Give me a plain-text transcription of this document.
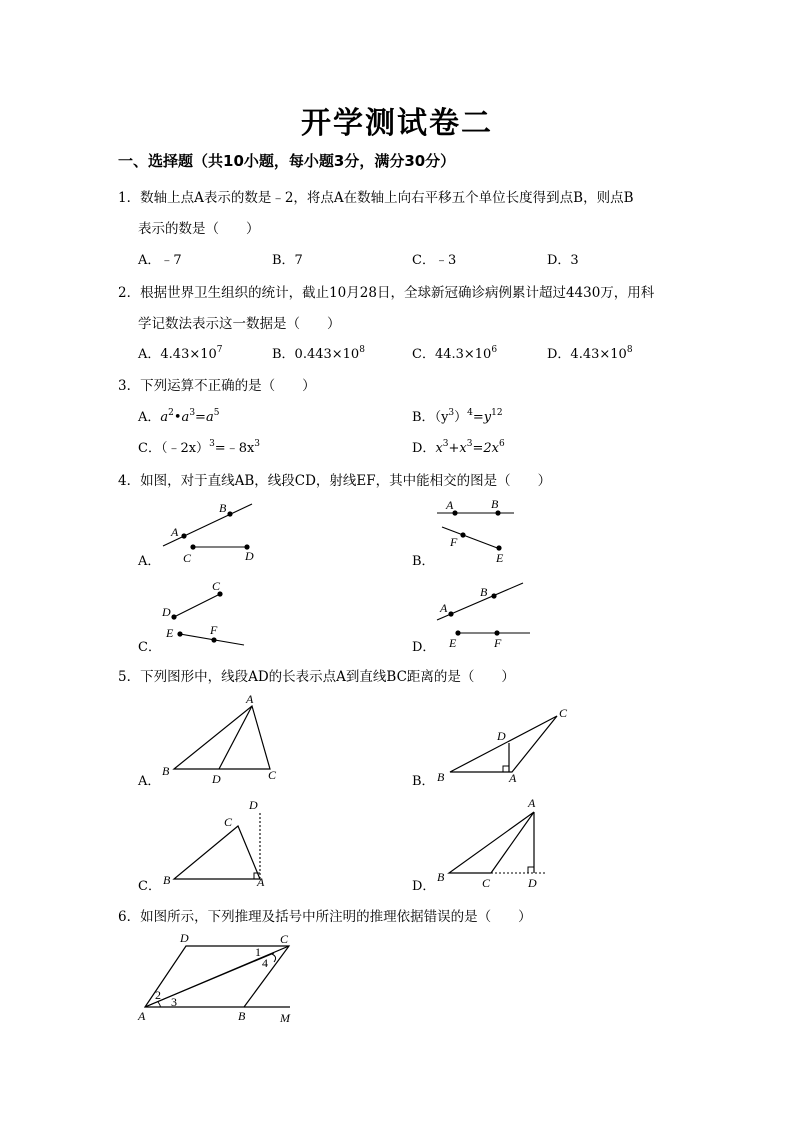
开学测试卷二
一、选择题（共10小题，每小题3分，满分30分）
1．数轴上点A表示的数是﹣2，将点A在数轴上向右平移五个单位长度得到点B，则点B
表示的数是（　　）
A．﹣7	B．7	C．﹣3	D．3
2．根据世界卫生组织的统计，截止10月28日，全球新冠确诊病例累计超过4430万，用科
学记数法表示这一数据是（　　）
A．$4.43\times 10^7$	B．$0.443\times 10^8$	C．$44.3\times 10^6$	D．$4.43\times 10^8$
3．下列运算不正确的是（　　）
A．$a^2•a^3=a^5$	B．$(y^3)^4=y^{12}$
C．$(﹣2x)^3=﹣8x^3$	D．$x^3+x^3=2x^6$
4．如图，对于直线AB，线段CD，射线EF，其中能相交的图是（　　）
A．
A
B
C	D	B．
A	B
F
E
C．
D
C
E	F
D．
A
B
E	F
5．下列图形中，线段AD的长表示点A到直线BC距离的是（　　）
A．
A
B
D	C	B．
C
D
B	A
C．
D
C
B	A	D．
A
B	C	D
6．如图所示，下列推理及括号中所注明的推理依据错误的是（　　）
D	C
1
4
2 3
A	B	M
